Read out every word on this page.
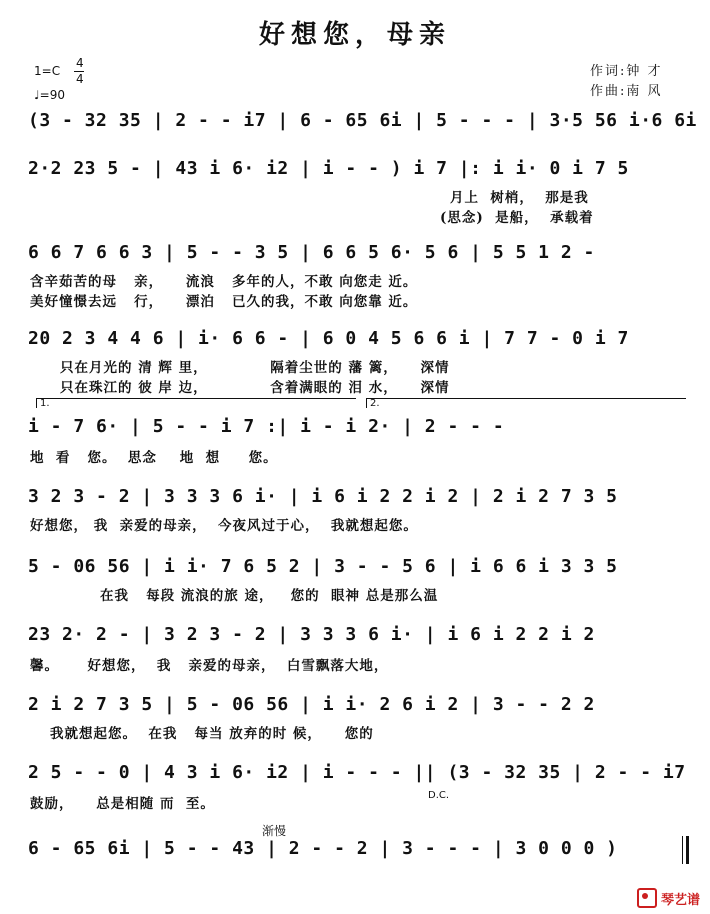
好想您，母亲
1=C
4
4
♩=90
作词:钟 才
作曲:南 风
(3 - 32 35 | 2 - - i7 | 6 - 65 6i | 5 - - - | 3·5 56 i·6 6i
2·2 23 5 - | 43 i 6· i2 | i - - ) i 7 |: i i· 0 i 7 5
月上  树梢，  那是我
(思念)  是船，  承载着
6 6 7 6 6 3 | 5 - - 3 5 | 6 6 5 6· 5 6 | 5 5 1 2 -
含辛茹苦的母   亲，    流浪   多年的人，不敢 向您走 近。
美好憧憬去远   行，    漂泊   已久的我，不敢 向您靠 近。
20 2 3 4 4 6 | i· 6 6 - | 6 0 4 5 6 6 i | 7 7 - 0 i 7
只在月光的 清 辉 里，           隔着尘世的 藩 篱，    深情
只在珠江的 彼 岸 边，           含着满眼的 泪 水，    深情
1.	2.
i - 7 6· | 5 - - i 7 :| i - i 2· | 2 - - -
地  看   您。  思念    地  想     您。
3 2 3 - 2 | 3 3 3 6 i· | i 6 i 2 2 i 2 | 2 i 2 7 3 5
好想您， 我  亲爱的母亲，  今夜风过于心，  我就想起您。
5 - 06 56 | i i· 7 6 5 2 | 3 - - 5 6 | i 6 6 i 3 3 5
在我   每段 流浪的旅 途，   您的  眼神 总是那么温
23 2· 2 - | 3 2 3 - 2 | 3 3 3 6 i· | i 6 i 2 2 i 2
馨。     好想您，  我   亲爱的母亲，  白雪飘落大地，
2 i 2 7 3 5 | 5 - 06 56 | i i· 2 6 i 2 | 3 - - 2 2
我就想起您。  在我   每当 放弃的时 候，    您的
2 5 - - 0 | 4 3 i 6· i2 | i - - - || (3 - 32 35 | 2 - - i7
鼓励，    总是相随 而  至。
D.C.
渐慢
6 - 65 6i | 5 - - 43 | 2 - - 2 | 3 - - - | 3 0 0 0 )
琴艺谱
